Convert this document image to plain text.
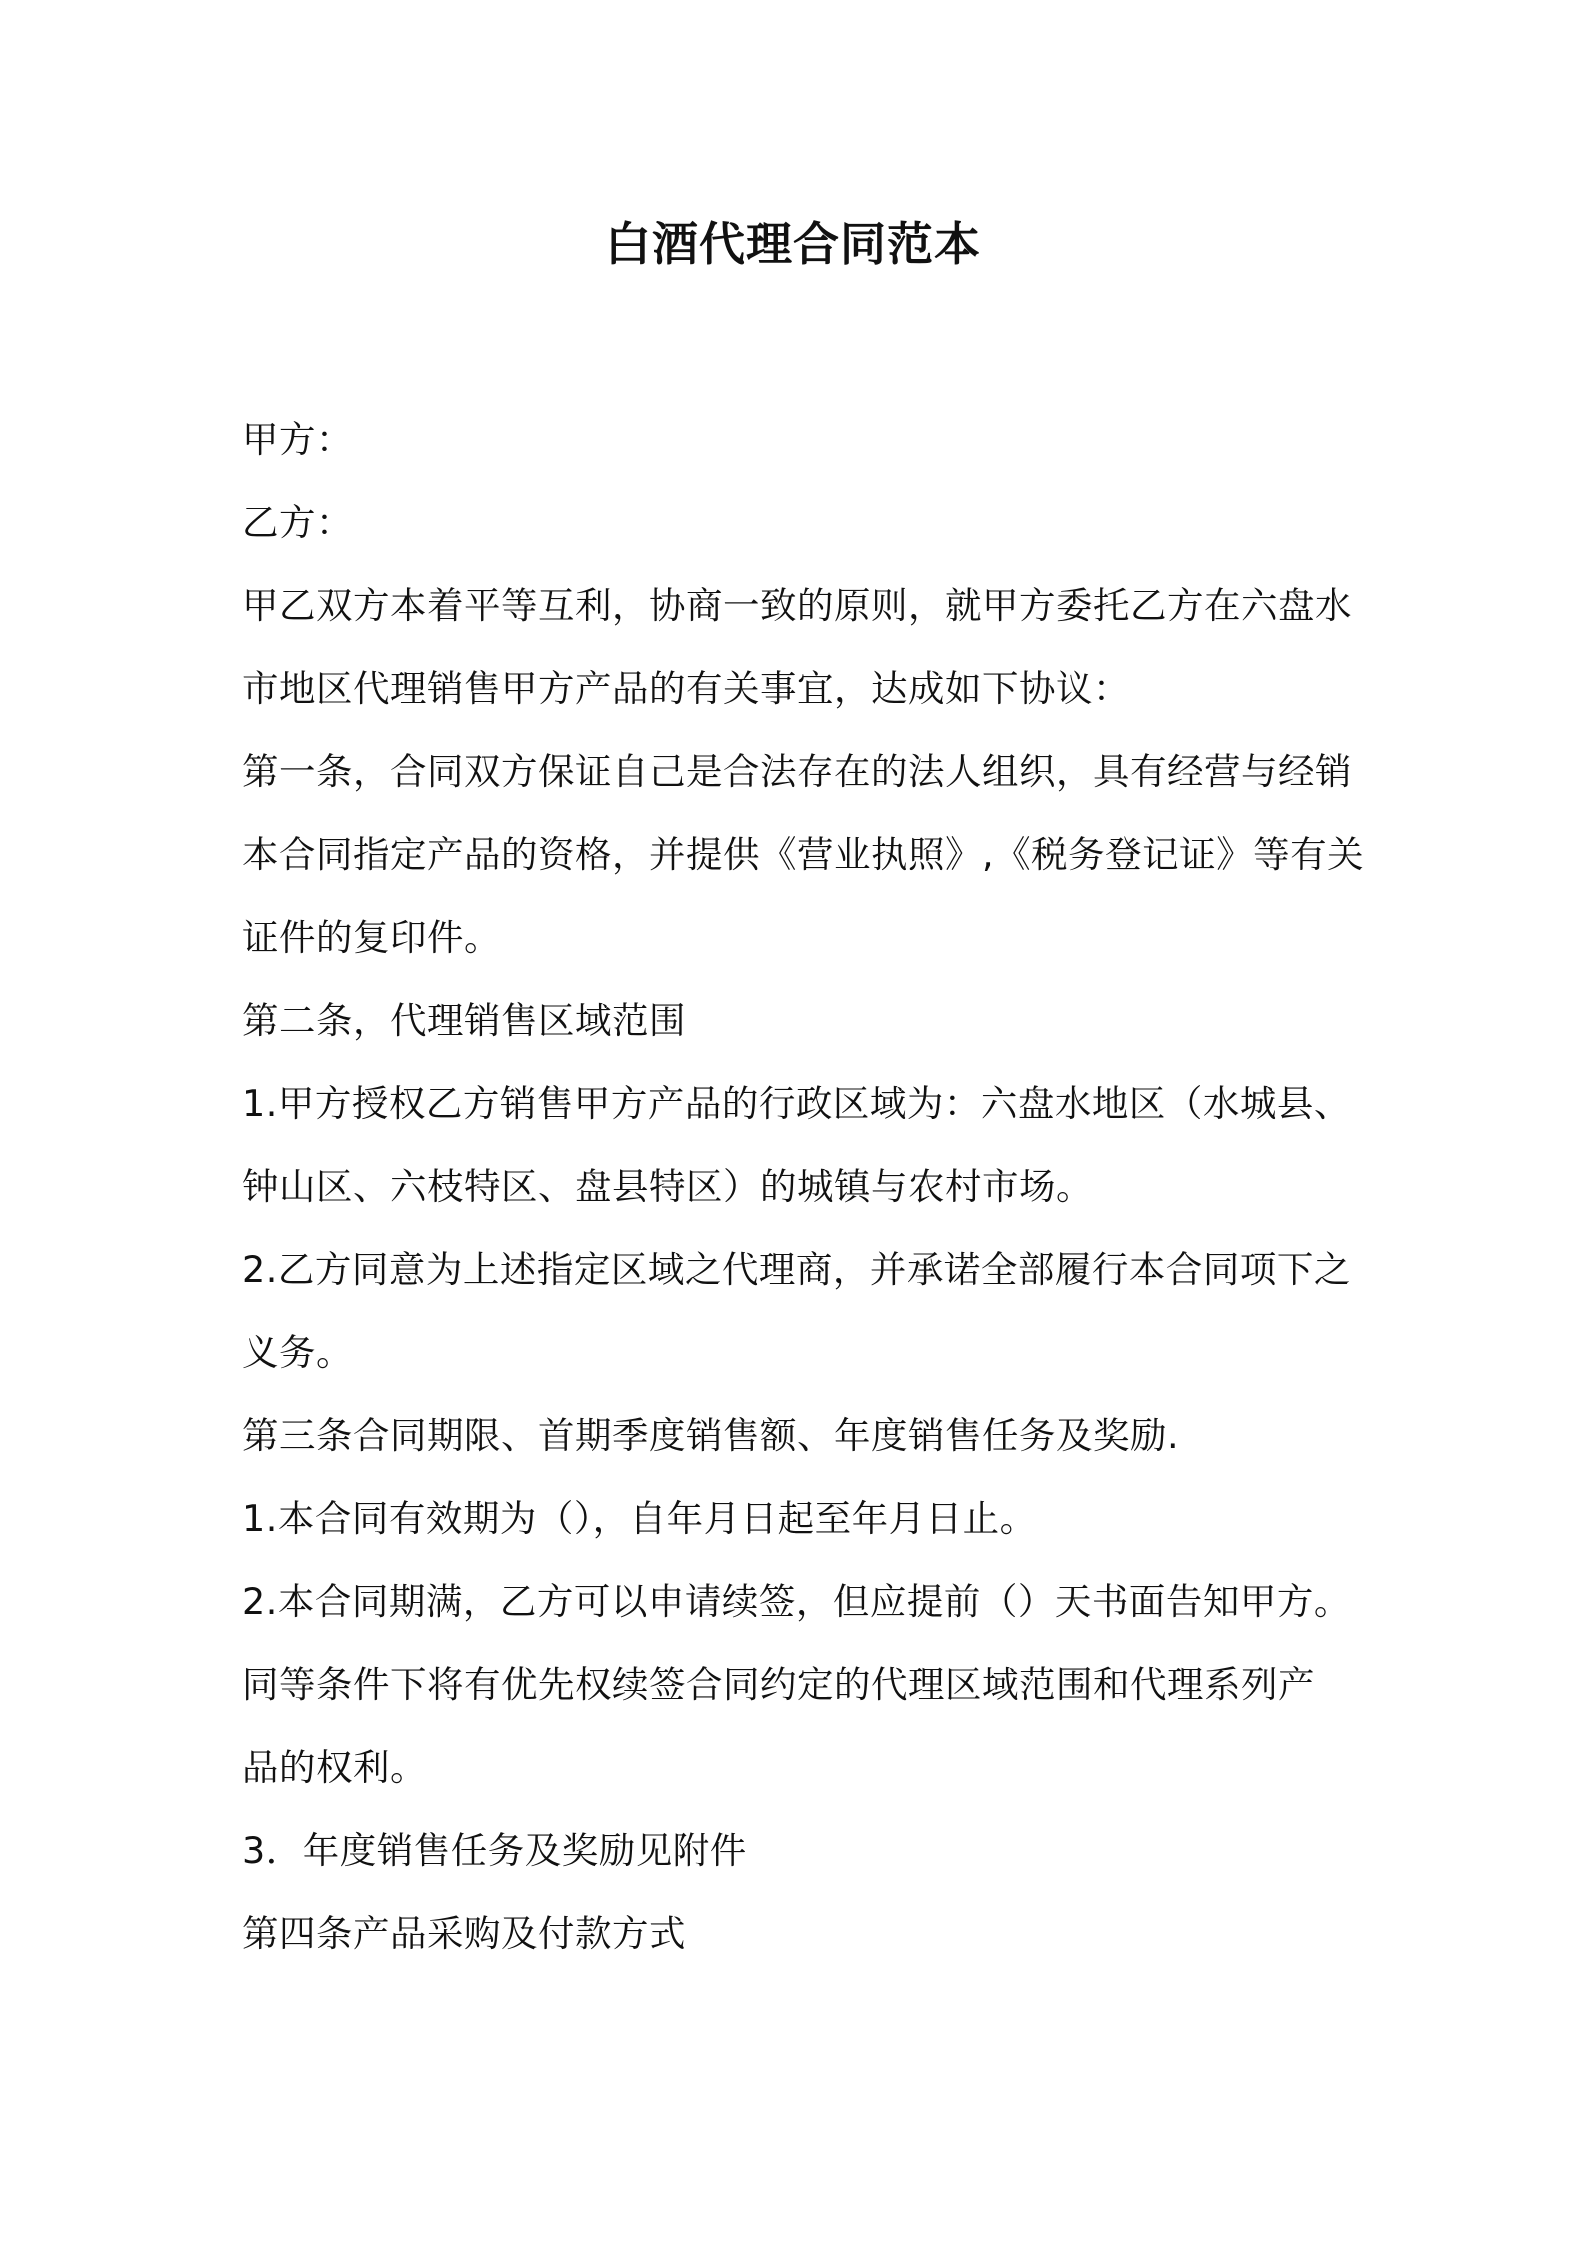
白酒代理合同范本
甲方：
乙方：
甲乙双方本着平等互利，协商一致的原则，就甲方委托乙方在六盘水
市地区代理销售甲方产品的有关事宜，达成如下协议：
第一条，合同双方保证自己是合法存在的法人组织，具有经营与经销
本合同指定产品的资格，并提供《营业执照》,《税务登记证》等有关
证件的复印件。
第二条，代理销售区域范围
1.甲方授权乙方销售甲方产品的行政区域为：六盘水地区（水城县、
钟山区、六枝特区、盘县特区）的城镇与农村市场。
2.乙方同意为上述指定区域之代理商，并承诺全部履行本合同项下之
义务。
第三条合同期限、首期季度销售额、年度销售任务及奖励.
1.本合同有效期为（），自年月日起至年月日止。
2.本合同期满，乙方可以申请续签，但应提前（）天书面告知甲方。
同等条件下将有优先权续签合同约定的代理区域范围和代理系列产
品的权利。
3．年度销售任务及奖励见附件
第四条产品采购及付款方式
